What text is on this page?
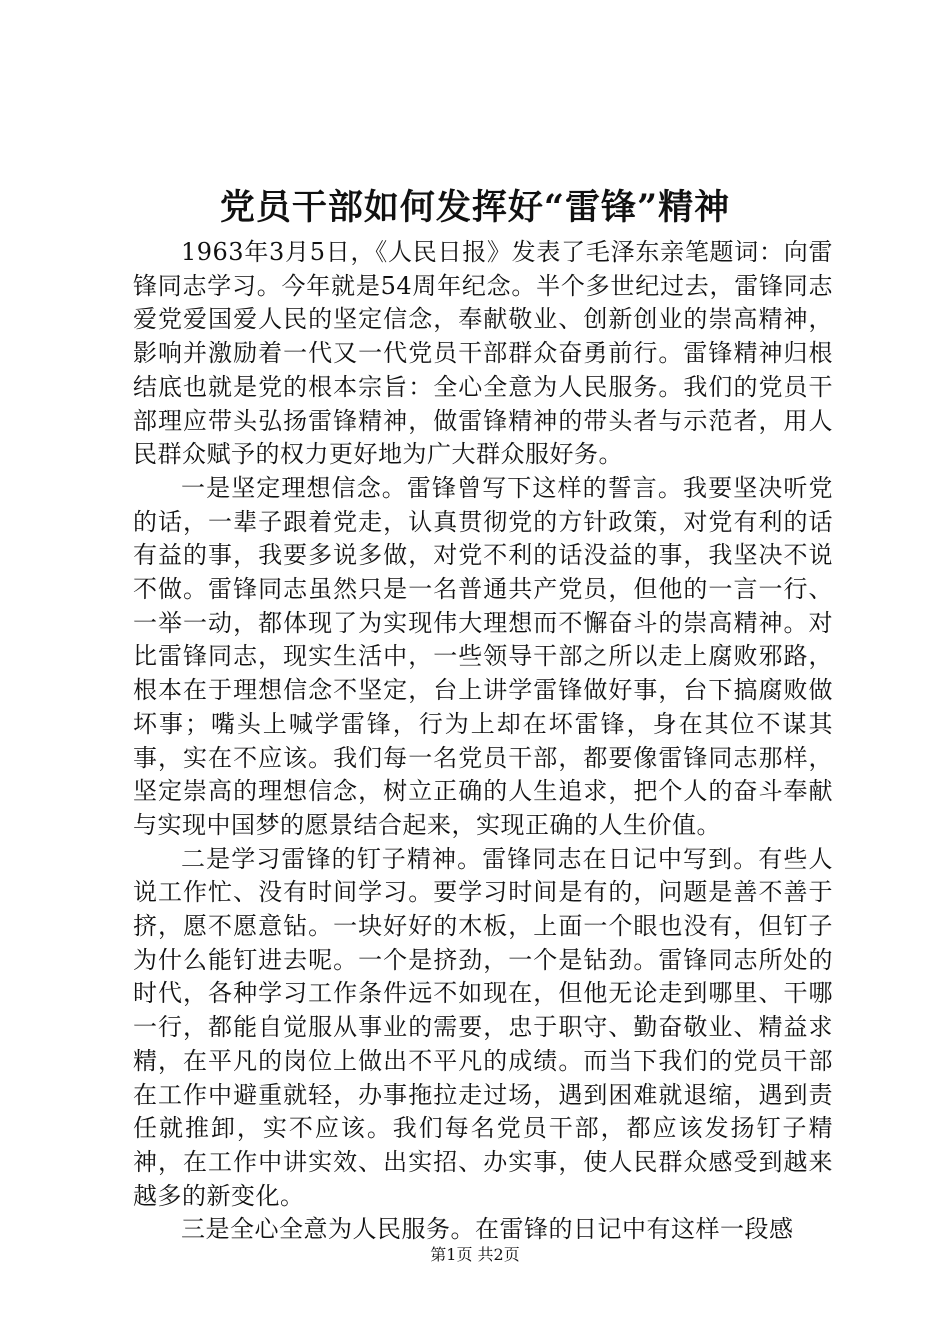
党员干部如何发挥好“雷锋”精神

1963年3月5日，《人民日报》发表了毛泽东亲笔题词：向雷锋同志学习。今年就是54周年纪念。半个多世纪过去，雷锋同志爱党爱国爱人民的坚定信念，奉献敬业、创新创业的崇高精神，影响并激励着一代又一代党员干部群众奋勇前行。雷锋精神归根结底也就是党的根本宗旨：全心全意为人民服务。我们的党员干部理应带头弘扬雷锋精神，做雷锋精神的带头者与示范者，用人民群众赋予的权力更好地为广大群众服好务。

一是坚定理想信念。雷锋曾写下这样的誓言。我要坚决听党的话，一辈子跟着党走，认真贯彻党的方针政策，对党有利的话有益的事，我要多说多做，对党不利的话没益的事，我坚决不说不做。雷锋同志虽然只是一名普通共产党员，但他的一言一行、一举一动，都体现了为实现伟大理想而不懈奋斗的崇高精神。对比雷锋同志，现实生活中，一些领导干部之所以走上腐败邪路，根本在于理想信念不坚定，台上讲学雷锋做好事，台下搞腐败做坏事；嘴头上喊学雷锋，行为上却在坏雷锋，身在其位不谋其事，实在不应该。我们每一名党员干部，都要像雷锋同志那样，坚定崇高的理想信念，树立正确的人生追求，把个人的奋斗奉献与实现中国梦的愿景结合起来，实现正确的人生价值。

二是学习雷锋的钉子精神。雷锋同志在日记中写到。有些人说工作忙、没有时间学习。要学习时间是有的，问题是善不善于挤，愿不愿意钻。一块好好的木板，上面一个眼也没有，但钉子为什么能钉进去呢。一个是挤劲，一个是钻劲。雷锋同志所处的时代，各种学习工作条件远不如现在，但他无论走到哪里、干哪一行，都能自觉服从事业的需要，忠于职守、勤奋敬业、精益求精，在平凡的岗位上做出不平凡的成绩。而当下我们的党员干部在工作中避重就轻，办事拖拉走过场，遇到困难就退缩，遇到责任就推卸，实不应该。我们每名党员干部，都应该发扬钉子精神，在工作中讲实效、出实招、办实事，使人民群众感受到越来越多的新变化。

三是全心全意为人民服务。在雷锋的日记中有这样一段感

第1页 共2页
